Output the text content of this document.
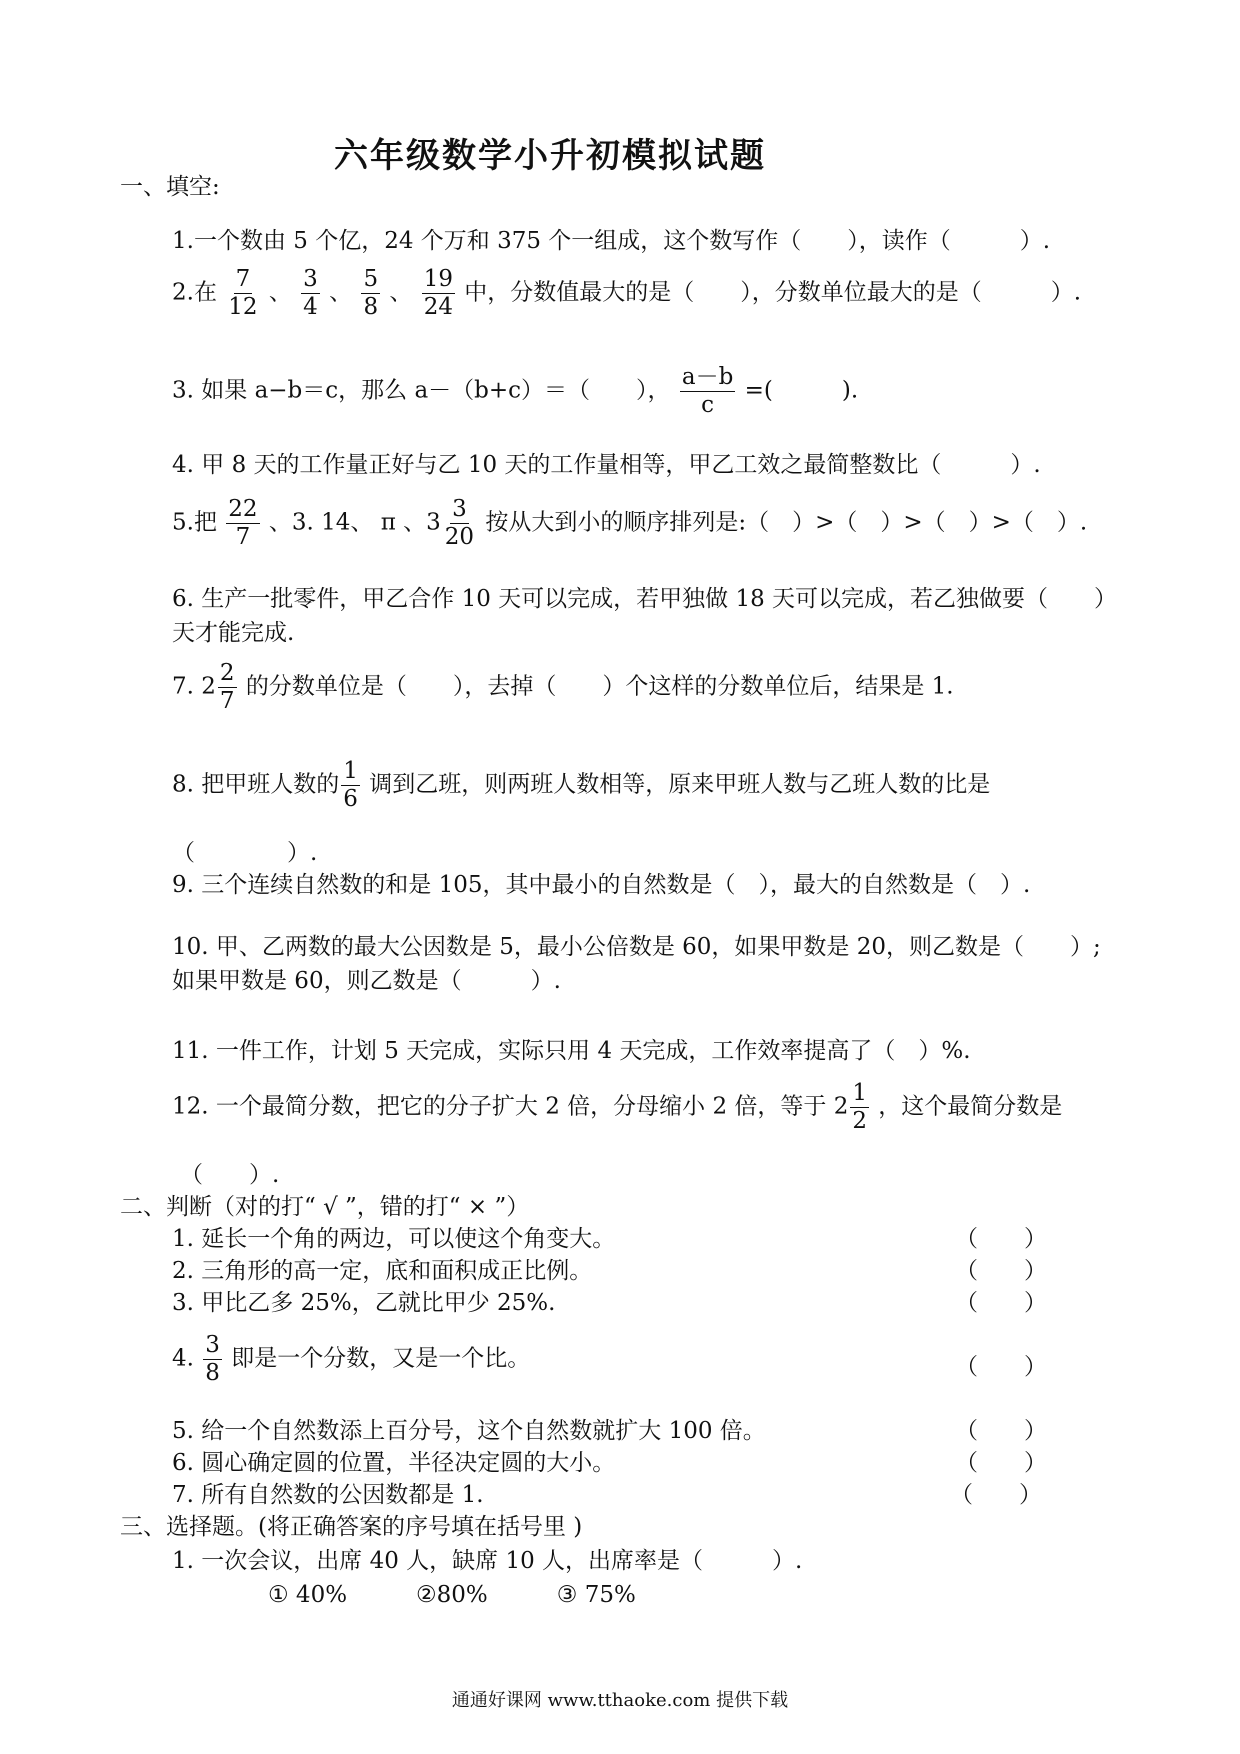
六年级数学小升初模拟试题
一、填空:
1.一个数由 5 个亿，24 个万和 375 个一组成，这个数写作（　　），读作（　　　）.
2.在 $\frac{7}{12}$ 、 $\frac{3}{4}$ 、 $\frac{5}{8}$ 、 $\frac{19}{24}$ 中，分数值最大的是（　　），分数单位最大的是（　　　）.
3. 如果 a−b＝c，那么 a－（b+c）＝（　　）， $\frac{a-b}{c}$ =(　　　).
4. 甲 8 天的工作量正好与乙 10 天的工作量相等，甲乙工效之最简整数比（　　　）.
5.把 $\frac{22}{7}$ 、3. 14、 π 、$3 \frac{3}{20}$ 按从大到小的顺序排列是:（　）>（　）>（　）>（　）.
6. 生产一批零件，甲乙合作 10 天可以完成，若甲独做 18 天可以完成，若乙独做要（　　）
天才能完成.
7. $2 \frac{2}{7}$ 的分数单位是（　　），去掉（　　）个这样的分数单位后，结果是 1.
8. 把甲班人数的 $\frac{1}{6}$ 调到乙班，则两班人数相等，原来甲班人数与乙班人数的比是
（　　　　）.
9. 三个连续自然数的和是 105，其中最小的自然数是（　），最大的自然数是（　）.
10. 甲、乙两数的最大公因数是 5，最小公倍数是 60，如果甲数是 20，则乙数是（　　）;
如果甲数是 60，则乙数是（　　　）.
11. 一件工作，计划 5 天完成，实际只用 4 天完成，工作效率提高了（　）%.
12. 一个最简分数，把它的分子扩大 2 倍，分母缩小 2 倍，等于 $2 \frac{1}{2}$ ，这个最简分数是
（　　）.
二、判断（对的打“ √ ”，错的打“ × ”）
1. 延长一个角的两边，可以使这个角变大。	（　　）
2. 三角形的高一定，底和面积成正比例。	（　　）
3. 甲比乙多 25%，乙就比甲少 25%.	（　　）
4. $\frac{3}{8}$ 即是一个分数，又是一个比。	（　　）
5. 给一个自然数添上百分号，这个自然数就扩大 100 倍。	（　　）
6. 圆心确定圆的位置，半径决定圆的大小。	（　　）
7. 所有自然数的公因数都是 1.	（　　）
三、选择题。(将正确答案的序号填在括号里 )
1. 一次会议，出席 40 人，缺席 10 人，出席率是（　　　）.
① 40%　　　②80%　　　③ 75%
通通好课网 www.tthaoke.com 提供下载
